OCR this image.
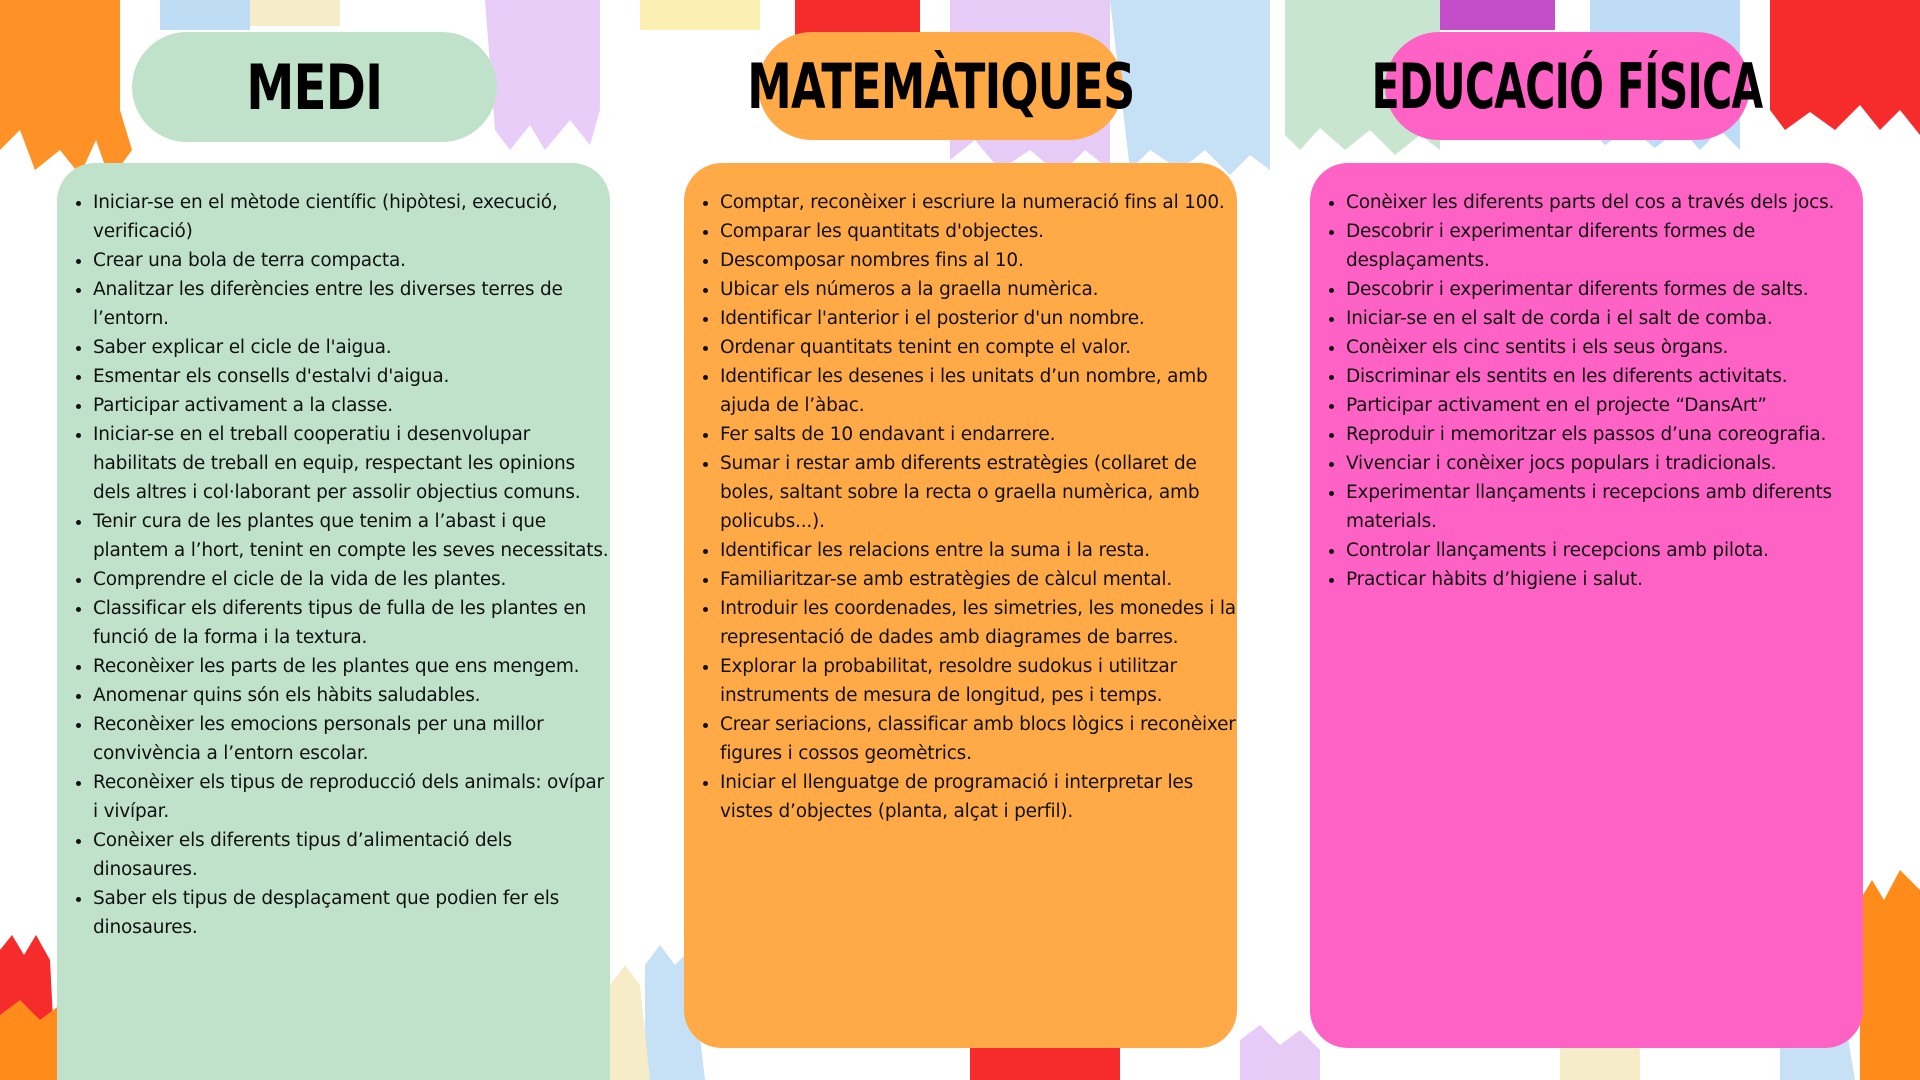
MEDI
• Iniciar-se en el mètode científic (hipòtesi, execució, verificació)
• Crear una bola de terra compacta.
• Analitzar les diferències entre les diverses terres de l’entorn.
• Saber explicar el cicle de l'aigua.
• Esmentar els consells d'estalvi d'aigua.
• Participar activament a la classe.
• Iniciar-se en el treball cooperatiu i desenvolupar habilitats de treball en equip, respectant les opinions dels altres i col·laborant per assolir objectius comuns.
• Tenir cura de les plantes que tenim a l’abast i que plantem a l’hort, tenint en compte les seves necessitats.
• Comprendre el cicle de la vida de les plantes.
• Classificar els diferents tipus de fulla de les plantes en funció de la forma i la textura.
• Reconèixer les parts de les plantes que ens mengem.
• Anomenar quins són els hàbits saludables.
• Reconèixer les emocions personals per una millor convivència a l’entorn escolar.
• Reconèixer els tipus de reproducció dels animals: ovípar i vivípar.
• Conèixer els diferents tipus d’alimentació dels dinosaures.
• Saber els tipus de desplaçament que podien fer els dinosaures.
MATEMÀTIQUES
• Comptar, reconèixer i escriure la numeració fins al 100.
• Comparar les quantitats d'objectes.
• Descomposar nombres fins al 10.
• Ubicar els números a la graella numèrica.
• Identificar l'anterior i el posterior d'un nombre.
• Ordenar quantitats tenint en compte el valor.
• Identificar les desenes i les unitats d’un nombre, amb ajuda de l’àbac.
• Fer salts de 10 endavant i endarrere.
• Sumar i restar amb diferents estratègies (collaret de boles, saltant sobre la recta o graella numèrica, amb policubs...).
• Identificar les relacions entre la suma i la resta.
• Familiaritzar-se amb estratègies de càlcul mental.
• Introduir les coordenades, les simetries, les monedes i la representació de dades amb diagrames de barres.
• Explorar la probabilitat, resoldre sudokus i utilitzar instruments de mesura de longitud, pes i temps.
• Crear seriacions, classificar amb blocs lògics i reconèixer figures i cossos geomètrics.
• Iniciar el llenguatge de programació i interpretar les vistes d’objectes (planta, alçat i perfil).
EDUCACIÓ FÍSICA
• Conèixer les diferents parts del cos a través dels jocs.
• Descobrir i experimentar diferents formes de desplaçaments.
• Descobrir i experimentar diferents formes de salts.
• Iniciar-se en el salt de corda i el salt de comba.
• Conèixer els cinc sentits i els seus òrgans.
• Discriminar els sentits en les diferents activitats.
• Participar activament en el projecte “DansArt”
• Reproduir i memoritzar els passos d’una coreografia.
• Vivenciar i conèixer jocs populars i tradicionals.
• Experimentar llançaments i recepcions amb diferents materials.
• Controlar llançaments i recepcions amb pilota.
• Practicar hàbits d’higiene i salut.
